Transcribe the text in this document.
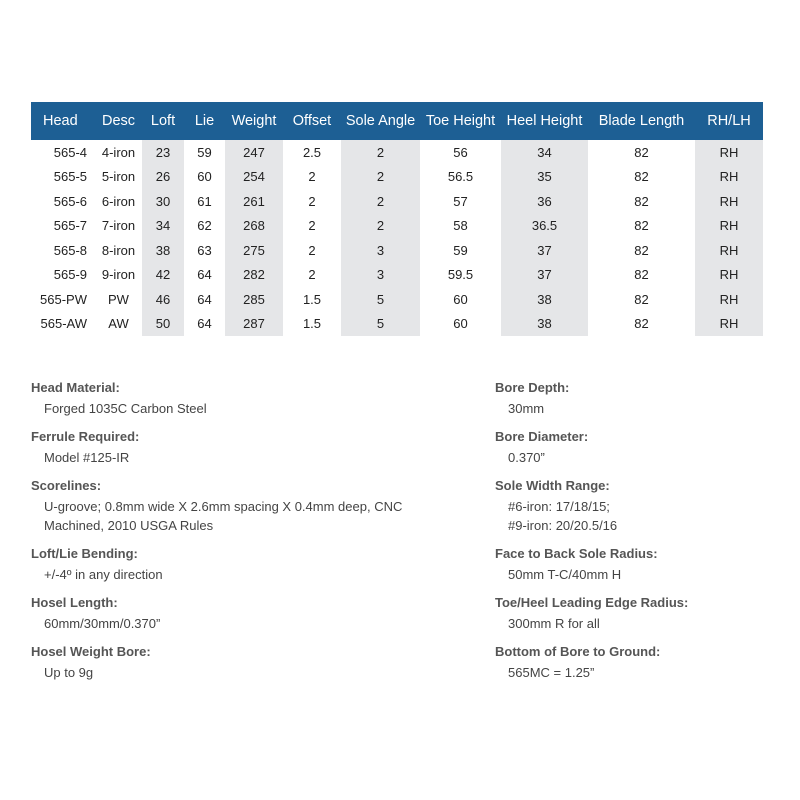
Head	Desc	Loft	Lie	Weight	Offset	Sole Angle	Toe Height	Heel Height	Blade Length	RH/LH
565-4	4-iron	23	59	247	2.5	2	56	34	82	RH
565-5	5-iron	26	60	254	2	2	56.5	35	82	RH
565-6	6-iron	30	61	261	2	2	57	36	82	RH
565-7	7-iron	34	62	268	2	2	58	36.5	82	RH
565-8	8-iron	38	63	275	2	3	59	37	82	RH
565-9	9-iron	42	64	282	2	3	59.5	37	82	RH
565-PW	PW	46	64	285	1.5	5	60	38	82	RH
565-AW	AW	50	64	287	1.5	5	60	38	82	RH
Head Material:
Forged 1035C Carbon Steel
Ferrule Required:
Model #125-IR
Scorelines:
U-groove; 0.8mm wide X 2.6mm spacing X 0.4mm deep, CNC
Machined, 2010 USGA Rules
Loft/Lie Bending:
+/-4º in any direction
Hosel Length:
60mm/30mm/0.370”
Hosel Weight Bore:
Up to 9g
Bore Depth:
30mm
Bore Diameter:
0.370”
Sole Width Range:
#6-iron: 17/18/15;
#9-iron: 20/20.5/16
Face to Back Sole Radius:
50mm T-C/40mm H
Toe/Heel Leading Edge Radius:
300mm R for all
Bottom of Bore to Ground:
565MC = 1.25”
